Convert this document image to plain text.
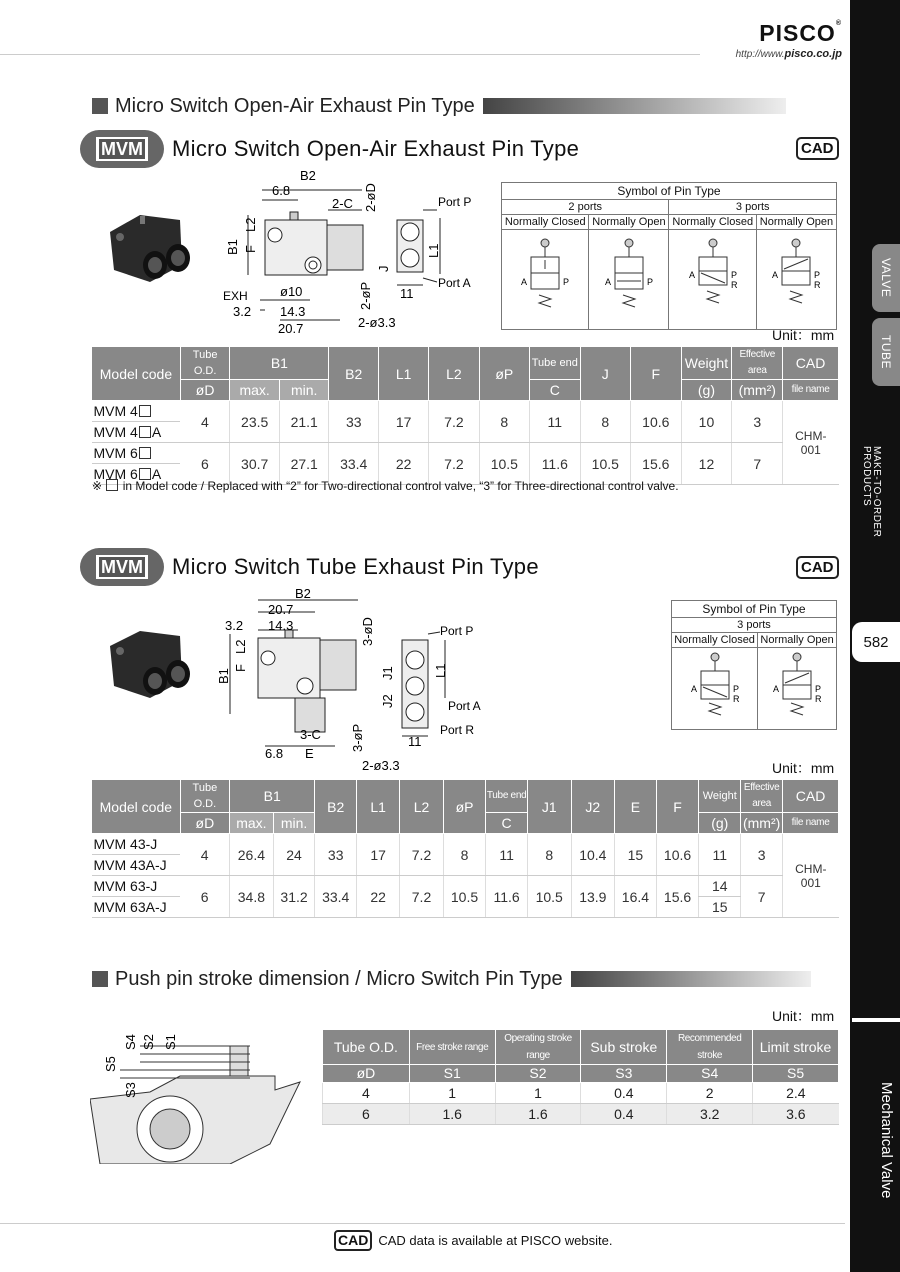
PISCO®
http://www.pisco.co.jp
VALVE
TUBE
MAKE-TO-ORDER PRODUCTS
582
Mechanical Valve
Micro Switch Open-Air Exhaust Pin Type
MVM Micro Switch Open-Air Exhaust Pin Type	CAD
B2
6.8
2-C 2-øD
L2
B1 F
J
2-øP
L1
Port P
Port A
EXH ø10	11
3.2 14.3
20.7	2-ø3.3
Symbol of Pin Type			
2 ports		3 ports	
Normally Closed	Normally Open	Normally Closed	Normally Open

A P	A P	A P
R	A P
R
Unit：mm
Model code	Tube O.D.	B1		B2	L1	L2	øP	Tube end	J	F	Weight	Effective area	CAD
	øD	max.	min.					C			(g)	(mm²)	file name
MVM 4	4	23.5	21.1	33	17	7.2	8	11	8	10.6	10	3	CHM-001
MVM 4 A													
MVM 6	6	30.7	27.1	33.4	22	7.2	10.5	11.6	10.5	15.6	12	7	
MVM 6 A													
※ in Model code / Replaced with “2” for Two-directional control valve, “3” for Three-directional control valve.
MVM Micro Switch Tube Exhaust Pin Type	CAD
B2
20.7
3.2 14.3	3-øD
L2
B1
F	J1
J2
L1
Port P
Port A
Port R
3-C 3-øP
6.8 E
11
2-ø3.3
Symbol of Pin Type	
3 ports	
Normally Closed	Normally Open

A P
R	A P
R
Unit：mm
Model code	Tube O.D.	B1		B2	L1	L2	øP	Tube end	J1	J2	E	F	Weight	Effective area	CAD
	øD	max.	min.					C					(g)	(mm²)	file name
MVM 43-J	4	26.4	24	33	17	7.2	8	11	8	10.4	15	10.6	11	3	CHM-001
MVM 43A-J															
MVM 63-J	6	34.8	31.2	33.4	22	7.2	10.5	11.6	10.5	13.9	16.4	15.6	14	7	
MVM 63A-J													15		
Push pin stroke dimension / Micro Switch Pin Type
Unit：mm
S4 S2 S1
S5
S3
Tube O.D.	Free stroke range	Operating stroke range	Sub stroke	Recommended stroke	Limit stroke
øD	S1	S2	S3	S4	S5
4	1	1	0.4	2	2.4
6	1.6	1.6	0.4	3.2	3.6
CAD CAD data is available at PISCO website.
